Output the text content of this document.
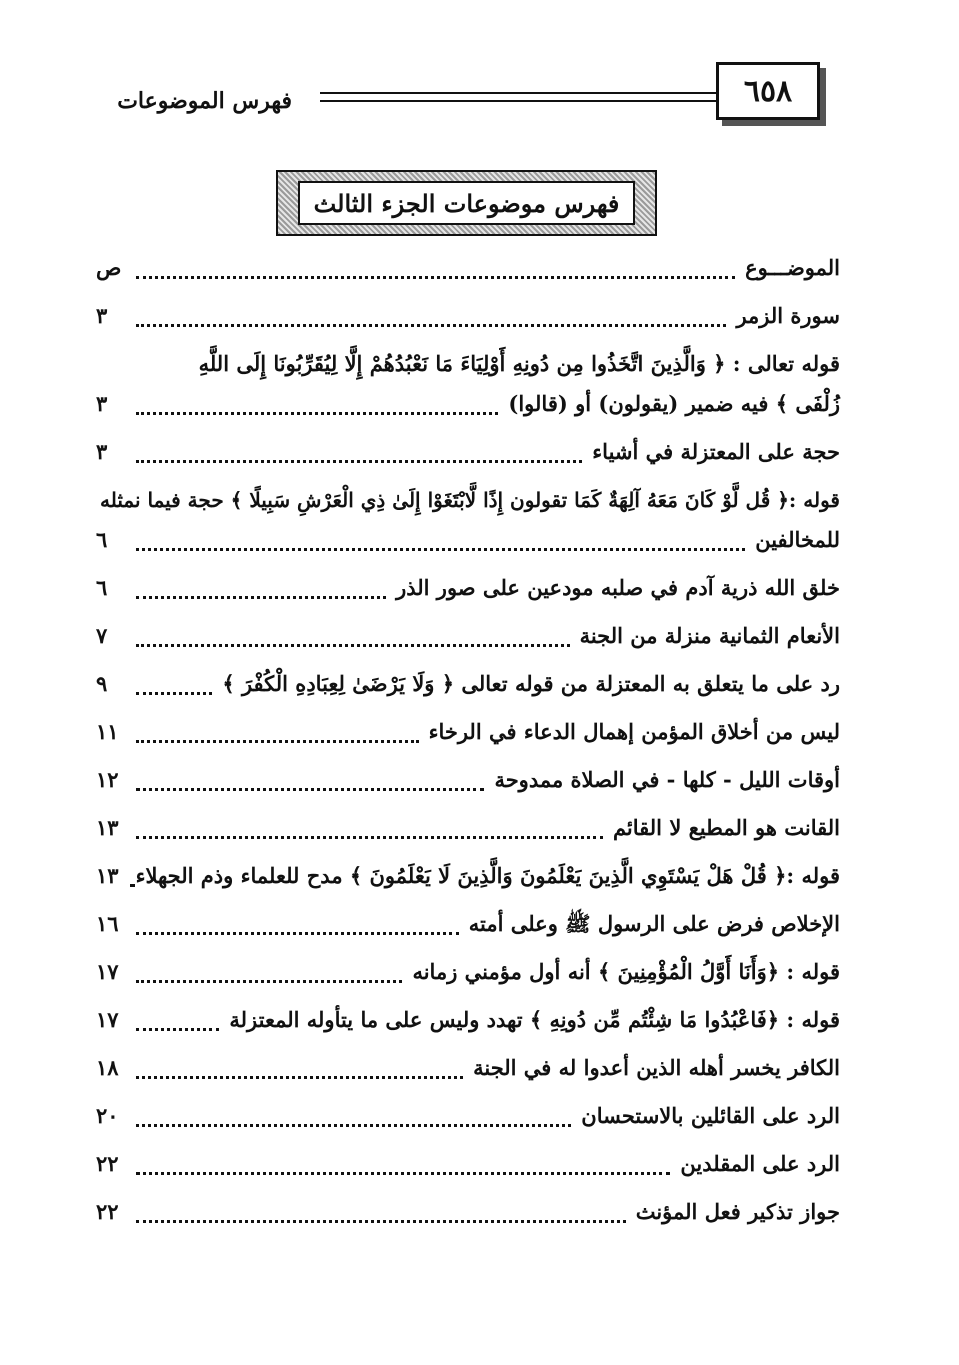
٦٥٨
فهرس الموضوعات
فهرس موضوعات الجزء الثالث
الموضـــوع
ص
سورة الزمر
٣
قوله تعالى : ﴿ وَالَّذِينَ اتَّخَذُوا مِن دُونِهِ أَوْلِيَاءَ مَا نَعْبُدُهُمْ إِلَّا لِيُقَرِّبُونَا إِلَى اللَّهِ
زُلْفَى ﴾ فيه ضمير (يقولون) أو (قالوا)
٣
حجة على المعتزلة في أشياء
٣
قوله :﴿ قُل لَّوْ كَانَ مَعَهُ آلِهَةٌ كَمَا تقولون إِذًا لَّابْتَغَوْا إِلَىٰ ذِي الْعَرْشِ سَبِيلًا ﴾ حجة فيما نمثله
للمخالفين
٦
خلق الله ذرية آدم في صلبه مودعين على صور الذر
٦
الأنعام الثمانية منزلة من الجنة
٧
رد على ما يتعلق به المعتزلة من قوله تعالى ﴿ وَلَا يَرْضَىٰ لِعِبَادِهِ الْكُفْرَ ﴾
٩
ليس من أخلاق المؤمن إهمال الدعاء في الرخاء
١١
أوقات الليل - كلها - في الصلاة ممدوحة
١٢
القانت هو المطيع لا القائم
١٣
قوله :﴿ قُلْ هَلْ يَسْتَوِي الَّذِينَ يَعْلَمُونَ وَالَّذِينَ لَا يَعْلَمُونَ ﴾ مدح للعلماء وذم الجهلاء
١٣
الإخلاص فرض على الرسول ﷺ وعلى أمته
١٦
قوله : ﴿وَأَنَا أَوَّلُ الْمُؤْمِنِينَ ﴾ أنه أول مؤمني زمانه
١٧
قوله : ﴿فَاعْبُدُوا مَا شِئْتُم مِّن دُونِهِ ﴾ تهدد وليس على ما يتأوله المعتزلة
١٧
الكافر يخسر أهله الذين أعدوا له في الجنة
١٨
الرد على القائلين بالاستحسان
٢٠
الرد على المقلدين
٢٢
جواز تذكير فعل المؤنث
٢٢
